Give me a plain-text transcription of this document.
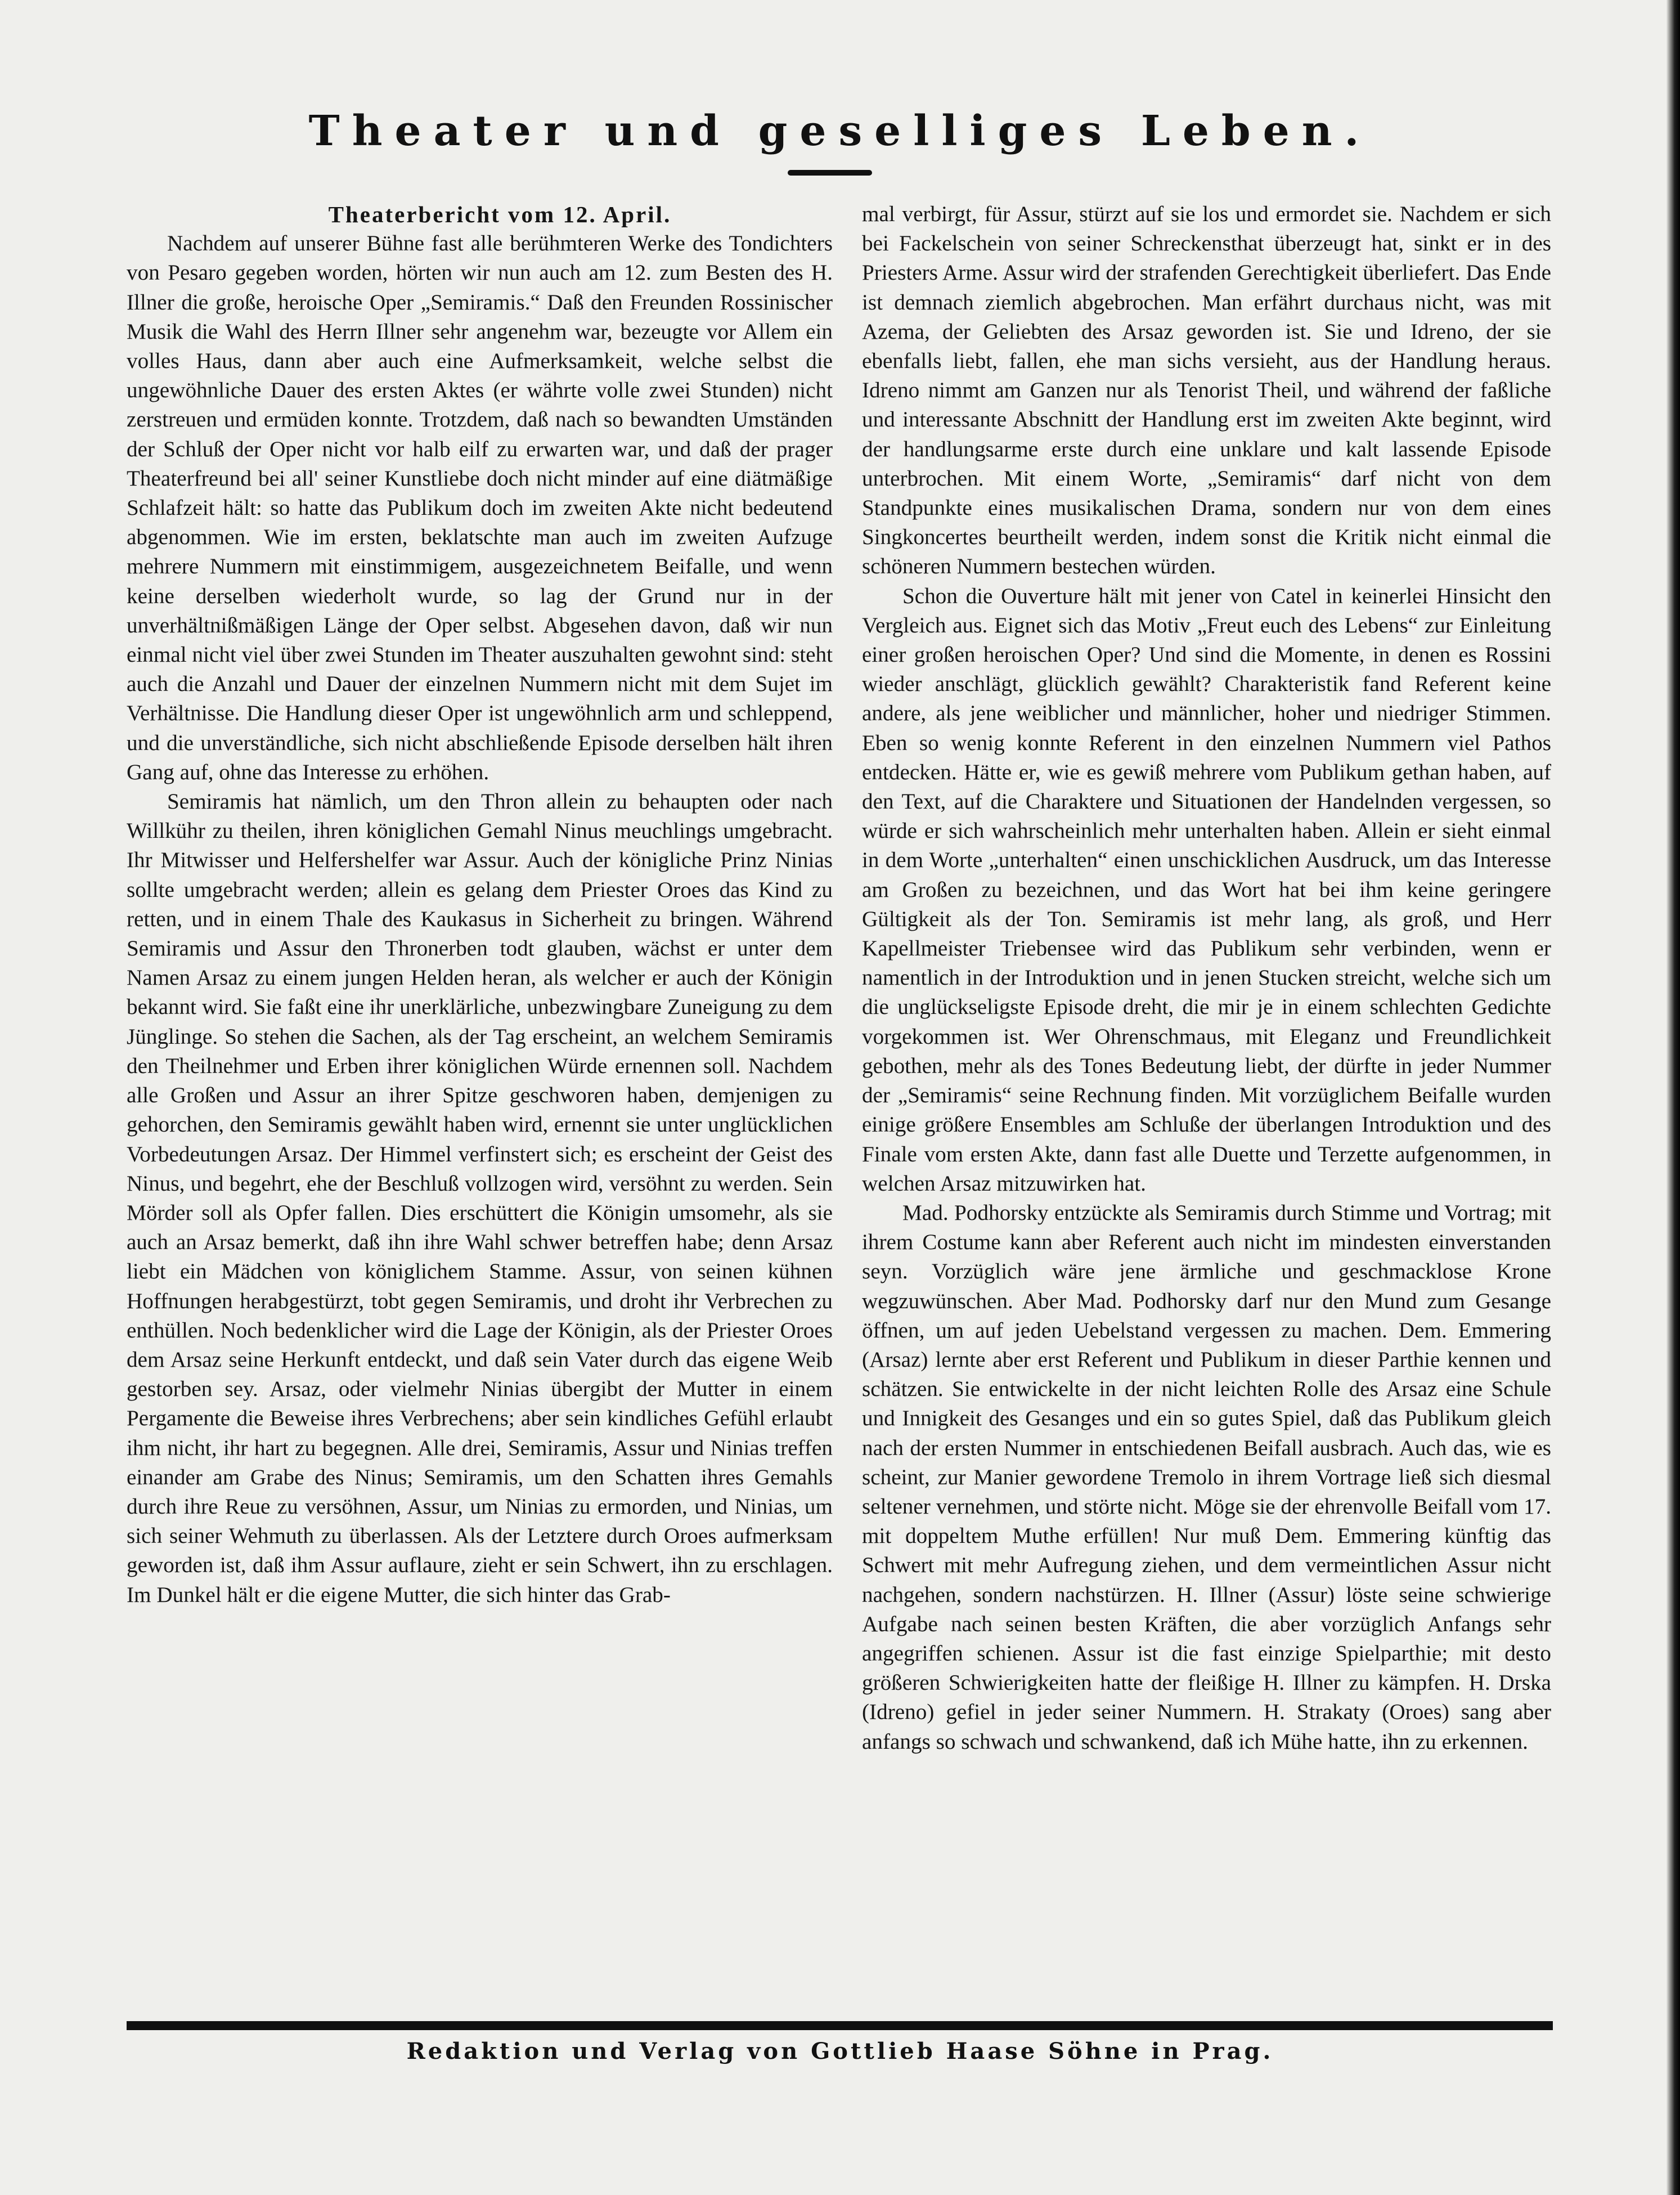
Theater und geselliges Leben.

Theaterbericht vom 12. April.

Nachdem auf unserer Bühne fast alle berühmteren Werke des Tondichters von Pesaro gegeben worden, hörten wir nun auch am 12. zum Besten des H. Illner die große, heroische Oper „Semiramis.“ Daß den Freunden Rossinischer Musik die Wahl des Herrn Illner sehr angenehm war, bezeugte vor Allem ein volles Haus, dann aber auch eine Aufmerksamkeit, welche selbst die ungewöhnliche Dauer des ersten Aktes (er währte volle zwei Stunden) nicht zerstreuen und ermüden konnte. Trotzdem, daß nach so bewandten Umständen der Schluß der Oper nicht vor halb eilf zu erwarten war, und daß der prager Theaterfreund bei all' seiner Kunstliebe doch nicht minder auf eine diätmäßige Schlafzeit hält: so hatte das Publikum doch im zweiten Akte nicht bedeutend abgenommen. Wie im ersten, beklatschte man auch im zweiten Aufzuge mehrere Nummern mit einstimmigem, ausgezeichnetem Beifalle, und wenn keine derselben wiederholt wurde, so lag der Grund nur in der unverhältnißmäßigen Länge der Oper selbst. Abgesehen davon, daß wir nun einmal nicht viel über zwei Stunden im Theater auszuhalten gewohnt sind: steht auch die Anzahl und Dauer der einzelnen Nummern nicht mit dem Sujet im Verhältnisse. Die Handlung dieser Oper ist ungewöhnlich arm und schleppend, und die unverständliche, sich nicht abschließende Episode derselben hält ihren Gang auf, ohne das Interesse zu erhöhen.

Semiramis hat nämlich, um den Thron allein zu behaupten oder nach Willkühr zu theilen, ihren königlichen Gemahl Ninus meuchlings umgebracht. Ihr Mitwisser und Helfershelfer war Assur. Auch der königliche Prinz Ninias sollte umgebracht werden; allein es gelang dem Priester Oroes das Kind zu retten, und in einem Thale des Kaukasus in Sicherheit zu bringen. Während Semiramis und Assur den Thronerben todt glauben, wächst er unter dem Namen Arsaz zu einem jungen Helden heran, als welcher er auch der Königin bekannt wird. Sie faßt eine ihr unerklärliche, unbezwingbare Zuneigung zu dem Jünglinge. So stehen die Sachen, als der Tag erscheint, an welchem Semiramis den Theilnehmer und Erben ihrer königlichen Würde ernennen soll. Nachdem alle Großen und Assur an ihrer Spitze geschworen haben, demjenigen zu gehorchen, den Semiramis gewählt haben wird, ernennt sie unter unglücklichen Vorbedeutungen Arsaz. Der Himmel verfinstert sich; es erscheint der Geist des Ninus, und begehrt, ehe der Beschluß vollzogen wird, versöhnt zu werden. Sein Mörder soll als Opfer fallen. Dies erschüttert die Königin umsomehr, als sie auch an Arsaz bemerkt, daß ihn ihre Wahl schwer betreffen habe; denn Arsaz liebt ein Mädchen von königlichem Stamme. Assur, von seinen kühnen Hoffnungen herabgestürzt, tobt gegen Semiramis, und droht ihr Verbrechen zu enthüllen. Noch bedenklicher wird die Lage der Königin, als der Priester Oroes dem Arsaz seine Herkunft entdeckt, und daß sein Vater durch das eigene Weib gestorben sey. Arsaz, oder vielmehr Ninias übergibt der Mutter in einem Pergamente die Beweise ihres Verbrechens; aber sein kindliches Gefühl erlaubt ihm nicht, ihr hart zu begegnen. Alle drei, Semiramis, Assur und Ninias treffen einander am Grabe des Ninus; Semiramis, um den Schatten ihres Gemahls durch ihre Reue zu versöhnen, Assur, um Ninias zu ermorden, und Ninias, um sich seiner Wehmuth zu überlassen. Als der Letztere durch Oroes aufmerksam geworden ist, daß ihm Assur auflaure, zieht er sein Schwert, ihn zu erschlagen. Im Dunkel hält er die eigene Mutter, die sich hinter das Grab-

mal verbirgt, für Assur, stürzt auf sie los und ermordet sie. Nachdem er sich bei Fackelschein von seiner Schreckensthat überzeugt hat, sinkt er in des Priesters Arme. Assur wird der strafenden Gerechtigkeit überliefert. Das Ende ist demnach ziemlich abgebrochen. Man erfährt durchaus nicht, was mit Azema, der Geliebten des Arsaz geworden ist. Sie und Idreno, der sie ebenfalls liebt, fallen, ehe man sichs versieht, aus der Handlung heraus. Idreno nimmt am Ganzen nur als Tenorist Theil, und während der faßliche und interessante Abschnitt der Handlung erst im zweiten Akte beginnt, wird der handlungsarme erste durch eine unklare und kalt lassende Episode unterbrochen. Mit einem Worte, „Semiramis“ darf nicht von dem Standpunkte eines musikalischen Drama, sondern nur von dem eines Singkoncertes beurtheilt werden, indem sonst die Kritik nicht einmal die schöneren Nummern bestechen würden.

Schon die Ouverture hält mit jener von Catel in keinerlei Hinsicht den Vergleich aus. Eignet sich das Motiv „Freut euch des Lebens“ zur Einleitung einer großen heroischen Oper? Und sind die Momente, in denen es Rossini wieder anschlägt, glücklich gewählt? Charakteristik fand Referent keine andere, als jene weiblicher und männlicher, hoher und niedriger Stimmen. Eben so wenig konnte Referent in den einzelnen Nummern viel Pathos entdecken. Hätte er, wie es gewiß mehrere vom Publikum gethan haben, auf den Text, auf die Charaktere und Situationen der Handelnden vergessen, so würde er sich wahrscheinlich mehr unterhalten haben. Allein er sieht einmal in dem Worte „unterhalten“ einen unschicklichen Ausdruck, um das Interesse am Großen zu bezeichnen, und das Wort hat bei ihm keine geringere Gültigkeit als der Ton. Semiramis ist mehr lang, als groß, und Herr Kapellmeister Triebensee wird das Publikum sehr verbinden, wenn er namentlich in der Introduktion und in jenen Stucken streicht, welche sich um die unglückseligste Episode dreht, die mir je in einem schlechten Gedichte vorgekommen ist. Wer Ohrenschmaus, mit Eleganz und Freundlichkeit gebothen, mehr als des Tones Bedeutung liebt, der dürfte in jeder Nummer der „Semiramis“ seine Rechnung finden. Mit vorzüglichem Beifalle wurden einige größere Ensembles am Schluße der überlangen Introduktion und des Finale vom ersten Akte, dann fast alle Duette und Terzette aufgenommen, in welchen Arsaz mitzuwirken hat.

Mad. Podhorsky entzückte als Semiramis durch Stimme und Vortrag; mit ihrem Costume kann aber Referent auch nicht im mindesten einverstanden seyn. Vorzüglich wäre jene ärmliche und geschmacklose Krone wegzuwünschen. Aber Mad. Podhorsky darf nur den Mund zum Gesange öffnen, um auf jeden Uebelstand vergessen zu machen. Dem. Emmering (Arsaz) lernte aber erst Referent und Publikum in dieser Parthie kennen und schätzen. Sie entwickelte in der nicht leichten Rolle des Arsaz eine Schule und Innigkeit des Gesanges und ein so gutes Spiel, daß das Publikum gleich nach der ersten Nummer in entschiedenen Beifall ausbrach. Auch das, wie es scheint, zur Manier gewordene Tremolo in ihrem Vortrage ließ sich diesmal seltener vernehmen, und störte nicht. Möge sie der ehrenvolle Beifall vom 17. mit doppeltem Muthe erfüllen! Nur muß Dem. Emmering künftig das Schwert mit mehr Aufregung ziehen, und dem vermeintlichen Assur nicht nachgehen, sondern nachstürzen. H. Illner (Assur) löste seine schwierige Aufgabe nach seinen besten Kräften, die aber vorzüglich Anfangs sehr angegriffen schienen. Assur ist die fast einzige Spielparthie; mit desto größeren Schwierigkeiten hatte der fleißige H. Illner zu kämpfen. H. Drska (Idreno) gefiel in jeder seiner Nummern. H. Strakaty (Oroes) sang aber anfangs so schwach und schwankend, daß ich Mühe hatte, ihn zu erkennen.

Redaktion und Verlag von Gottlieb Haase Söhne in Prag.
